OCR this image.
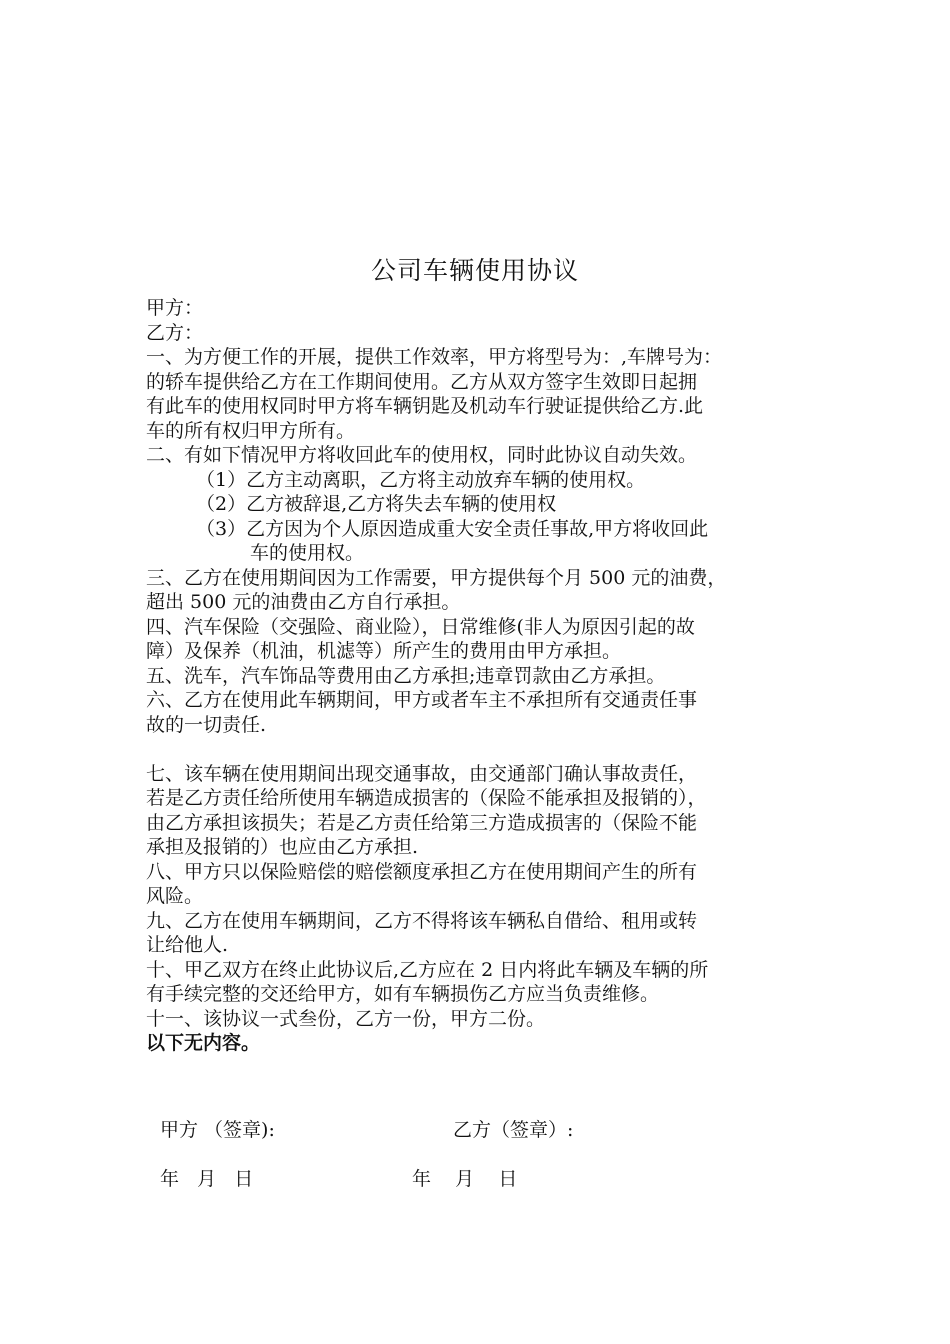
公司车辆使用协议
甲方：
乙方：
一、为方便工作的开展，提供工作效率，甲方将型号为：,车牌号为：
的轿车提供给乙方在工作期间使用。乙方从双方签字生效即日起拥
有此车的使用权同时甲方将车辆钥匙及机动车行驶证提供给乙方.此
车的所有权归甲方所有。
二、有如下情况甲方将收回此车的使用权，同时此协议自动失效。
（1）乙方主动离职，乙方将主动放弃车辆的使用权。
（2）乙方被辞退,乙方将失去车辆的使用权
（3）乙方因为个人原因造成重大安全责任事故,甲方将收回此
车的使用权。
三、乙方在使用期间因为工作需要，甲方提供每个月 500 元的油费，
超出 500 元的油费由乙方自行承担。
四、汽车保险（交强险、商业险），日常维修(非人为原因引起的故
障）及保养（机油，机滤等）所产生的费用由甲方承担。
五、洗车，汽车饰品等费用由乙方承担;违章罚款由乙方承担。
六、乙方在使用此车辆期间，甲方或者车主不承担所有交通责任事
故的一切责任.
七、该车辆在使用期间出现交通事故，由交通部门确认事故责任，
若是乙方责任给所使用车辆造成损害的（保险不能承担及报销的），
由乙方承担该损失；若是乙方责任给第三方造成损害的（保险不能
承担及报销的）也应由乙方承担.
八、甲方只以保险赔偿的赔偿额度承担乙方在使用期间产生的所有
风险。
九、乙方在使用车辆期间，乙方不得将该车辆私自借给、租用或转
让给他人.
十、甲乙双方在终止此协议后,乙方应在 2 日内将此车辆及车辆的所
有手续完整的交还给甲方，如有车辆损伤乙方应当负责维修。
十一、该协议一式叁份，乙方一份，甲方二份。
以下无内容。
甲方 （签章):	乙方（签章）:
年   月   日	年    月    日
